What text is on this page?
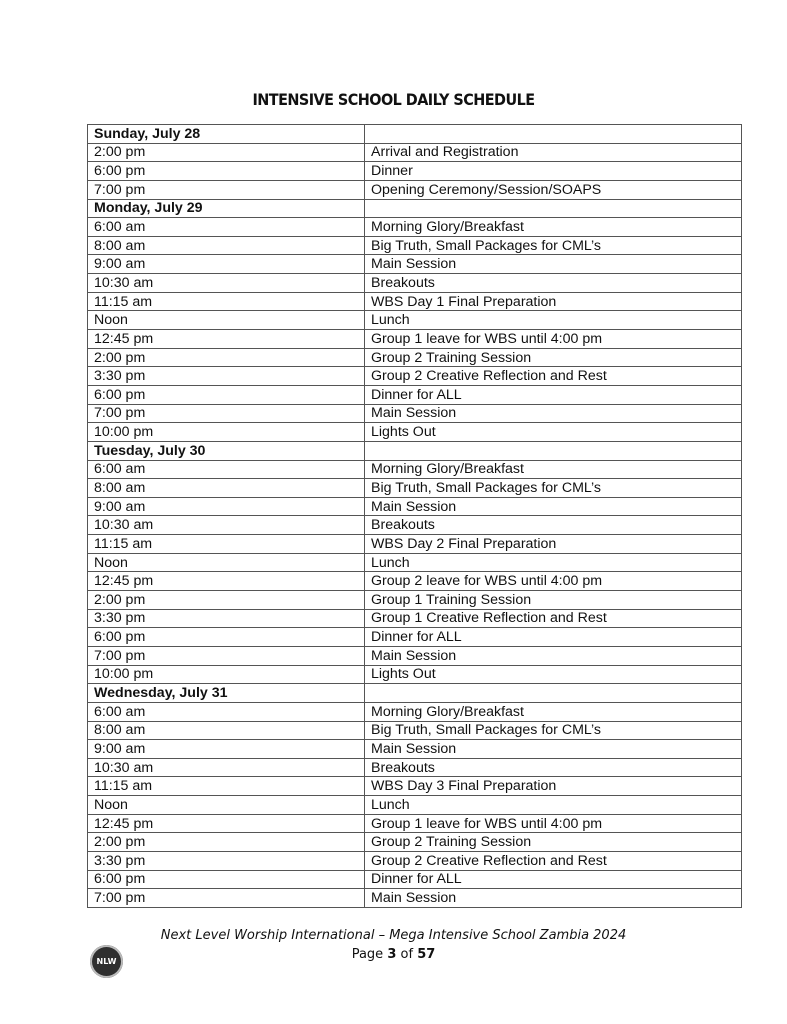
INTENSIVE SCHOOL DAILY SCHEDULE
Sunday, July 28	
2:00 pm	Arrival and Registration
6:00 pm	Dinner
7:00 pm	Opening Ceremony/Session/SOAPS
Monday, July 29	
6:00 am	Morning Glory/Breakfast
8:00 am	Big Truth, Small Packages for CML’s
9:00 am	Main Session
10:30 am	Breakouts
11:15 am	WBS Day 1 Final Preparation
Noon	Lunch
12:45 pm	Group 1 leave for WBS until 4:00 pm
2:00 pm	Group 2 Training Session
3:30 pm	Group 2 Creative Reflection and Rest
6:00 pm	Dinner for ALL
7:00 pm	Main Session
10:00 pm	Lights Out
Tuesday, July 30	
6:00 am	Morning Glory/Breakfast
8:00 am	Big Truth, Small Packages for CML’s
9:00 am	Main Session
10:30 am	Breakouts
11:15 am	WBS Day 2 Final Preparation
Noon	Lunch
12:45 pm	Group 2 leave for WBS until 4:00 pm
2:00 pm	Group 1 Training Session
3:30 pm	Group 1 Creative Reflection and Rest
6:00 pm	Dinner for ALL
7:00 pm	Main Session
10:00 pm	Lights Out
Wednesday, July 31	
6:00 am	Morning Glory/Breakfast
8:00 am	Big Truth, Small Packages for CML’s
9:00 am	Main Session
10:30 am	Breakouts
11:15 am	WBS Day 3 Final Preparation
Noon	Lunch
12:45 pm	Group 1 leave for WBS until 4:00 pm
2:00 pm	Group 2 Training Session
3:30 pm	Group 2 Creative Reflection and Rest
6:00 pm	Dinner for ALL
7:00 pm	Main Session
NLW
Next Level Worship International – Mega Intensive School Zambia 2024
Page 3 of 57
